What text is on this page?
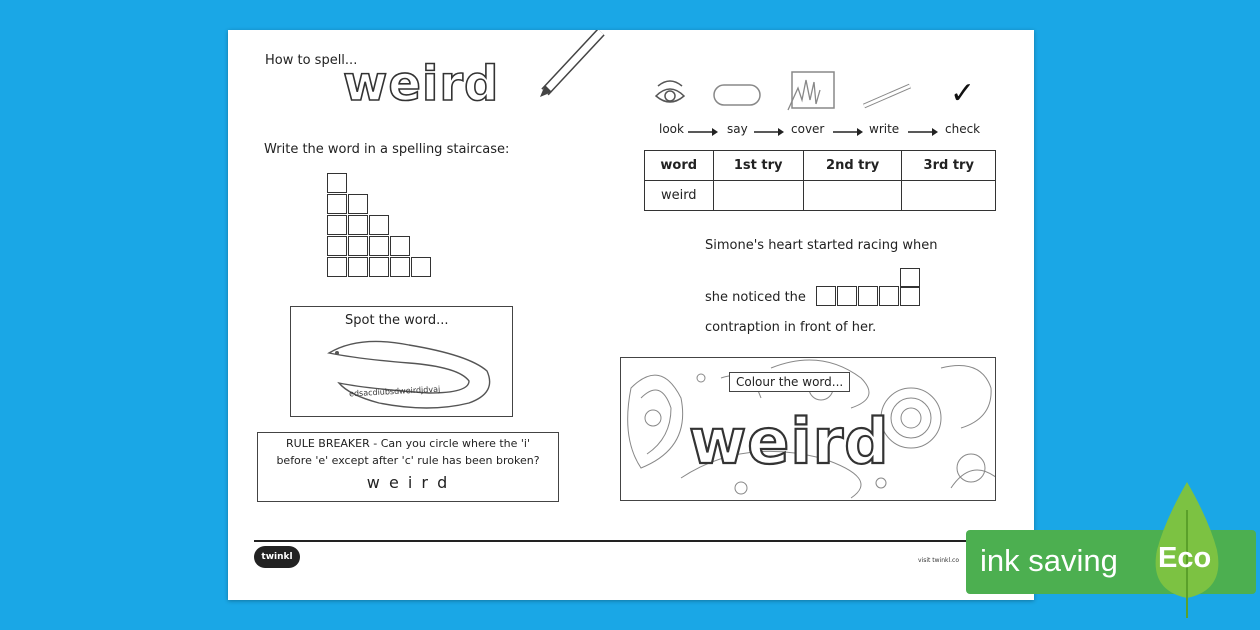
How to spell...
weird
Write the word in a spelling staircase:
✓
look	say	cover	write	check
word	1st try	2nd try	3rd try
weird			
Simone's heart started racing when
she noticed the
contraption in front of her.
Spot the word...
edsacdiubsdweirdjdvaj
RULE BREAKER - Can you circle where the 'i'
before 'e' except after 'c' rule has been broken?
w e i r d
Colour the word...
weird
twinkl	visit twinkl.co ink saving Eco
